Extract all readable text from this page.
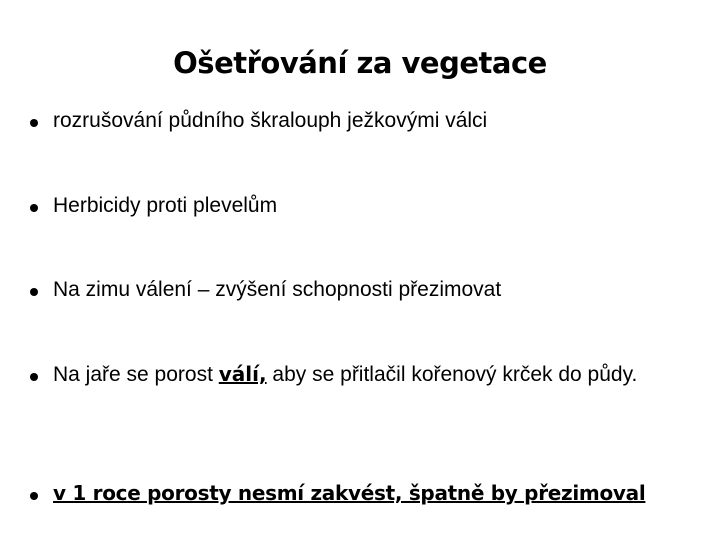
Ošetřování za vegetace
rozrušování půdního škralouph ježkovými válci
Herbicidy proti plevelům
Na zimu válení – zvýšení schopnosti přezimovat
Na jaře se porost válí, aby se přitlačil kořenový krček do půdy.
v 1 roce porosty nesmí zakvést, špatně by přezimoval
